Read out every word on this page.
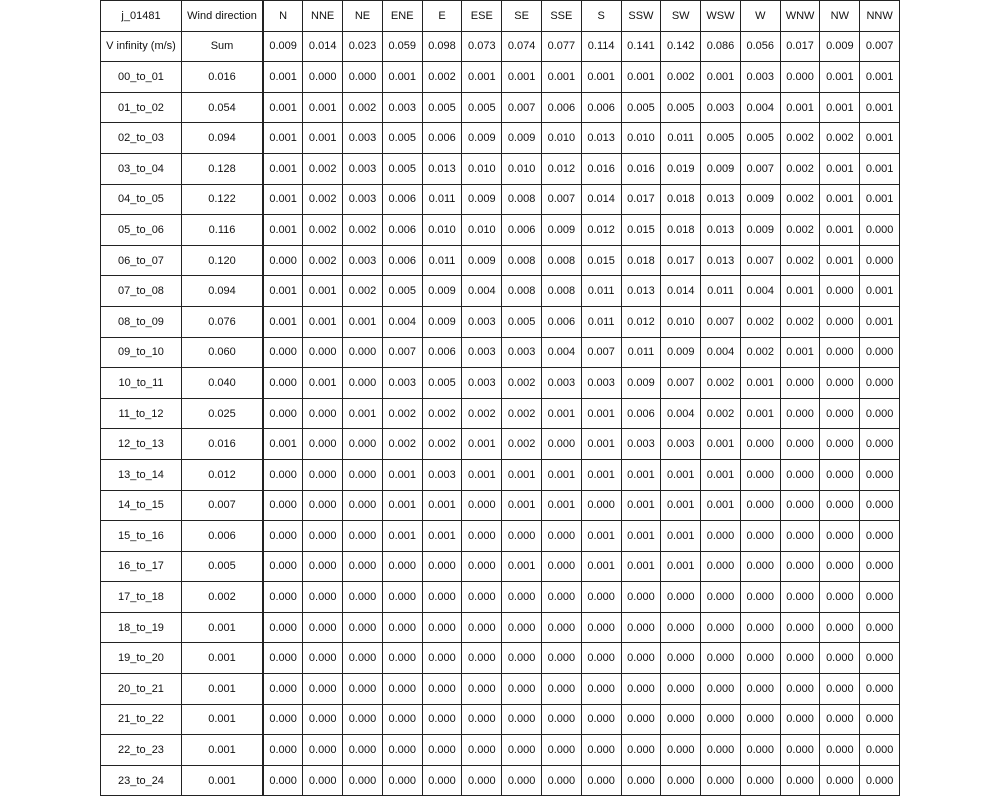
j_01481	Wind direction	N	NNE	NE	ENE	E	ESE	SE	SSE	S	SSW	SW	WSW	W	WNW	NW	NNW
V infinity (m/s)	Sum	0.009	0.014	0.023	0.059	0.098	0.073	0.074	0.077	0.114	0.141	0.142	0.086	0.056	0.017	0.009	0.007
00_to_01	0.016	0.001	0.000	0.000	0.001	0.002	0.001	0.001	0.001	0.001	0.001	0.002	0.001	0.003	0.000	0.001	0.001
01_to_02	0.054	0.001	0.001	0.002	0.003	0.005	0.005	0.007	0.006	0.006	0.005	0.005	0.003	0.004	0.001	0.001	0.001
02_to_03	0.094	0.001	0.001	0.003	0.005	0.006	0.009	0.009	0.010	0.013	0.010	0.011	0.005	0.005	0.002	0.002	0.001
03_to_04	0.128	0.001	0.002	0.003	0.005	0.013	0.010	0.010	0.012	0.016	0.016	0.019	0.009	0.007	0.002	0.001	0.001
04_to_05	0.122	0.001	0.002	0.003	0.006	0.011	0.009	0.008	0.007	0.014	0.017	0.018	0.013	0.009	0.002	0.001	0.001
05_to_06	0.116	0.001	0.002	0.002	0.006	0.010	0.010	0.006	0.009	0.012	0.015	0.018	0.013	0.009	0.002	0.001	0.000
06_to_07	0.120	0.000	0.002	0.003	0.006	0.011	0.009	0.008	0.008	0.015	0.018	0.017	0.013	0.007	0.002	0.001	0.000
07_to_08	0.094	0.001	0.001	0.002	0.005	0.009	0.004	0.008	0.008	0.011	0.013	0.014	0.011	0.004	0.001	0.000	0.001
08_to_09	0.076	0.001	0.001	0.001	0.004	0.009	0.003	0.005	0.006	0.011	0.012	0.010	0.007	0.002	0.002	0.000	0.001
09_to_10	0.060	0.000	0.000	0.000	0.007	0.006	0.003	0.003	0.004	0.007	0.011	0.009	0.004	0.002	0.001	0.000	0.000
10_to_11	0.040	0.000	0.001	0.000	0.003	0.005	0.003	0.002	0.003	0.003	0.009	0.007	0.002	0.001	0.000	0.000	0.000
11_to_12	0.025	0.000	0.000	0.001	0.002	0.002	0.002	0.002	0.001	0.001	0.006	0.004	0.002	0.001	0.000	0.000	0.000
12_to_13	0.016	0.001	0.000	0.000	0.002	0.002	0.001	0.002	0.000	0.001	0.003	0.003	0.001	0.000	0.000	0.000	0.000
13_to_14	0.012	0.000	0.000	0.000	0.001	0.003	0.001	0.001	0.001	0.001	0.001	0.001	0.001	0.000	0.000	0.000	0.000
14_to_15	0.007	0.000	0.000	0.000	0.001	0.001	0.000	0.001	0.001	0.000	0.001	0.001	0.001	0.000	0.000	0.000	0.000
15_to_16	0.006	0.000	0.000	0.000	0.001	0.001	0.000	0.000	0.000	0.001	0.001	0.001	0.000	0.000	0.000	0.000	0.000
16_to_17	0.005	0.000	0.000	0.000	0.000	0.000	0.000	0.001	0.000	0.001	0.001	0.001	0.000	0.000	0.000	0.000	0.000
17_to_18	0.002	0.000	0.000	0.000	0.000	0.000	0.000	0.000	0.000	0.000	0.000	0.000	0.000	0.000	0.000	0.000	0.000
18_to_19	0.001	0.000	0.000	0.000	0.000	0.000	0.000	0.000	0.000	0.000	0.000	0.000	0.000	0.000	0.000	0.000	0.000
19_to_20	0.001	0.000	0.000	0.000	0.000	0.000	0.000	0.000	0.000	0.000	0.000	0.000	0.000	0.000	0.000	0.000	0.000
20_to_21	0.001	0.000	0.000	0.000	0.000	0.000	0.000	0.000	0.000	0.000	0.000	0.000	0.000	0.000	0.000	0.000	0.000
21_to_22	0.001	0.000	0.000	0.000	0.000	0.000	0.000	0.000	0.000	0.000	0.000	0.000	0.000	0.000	0.000	0.000	0.000
22_to_23	0.001	0.000	0.000	0.000	0.000	0.000	0.000	0.000	0.000	0.000	0.000	0.000	0.000	0.000	0.000	0.000	0.000
23_to_24	0.001	0.000	0.000	0.000	0.000	0.000	0.000	0.000	0.000	0.000	0.000	0.000	0.000	0.000	0.000	0.000	0.000
